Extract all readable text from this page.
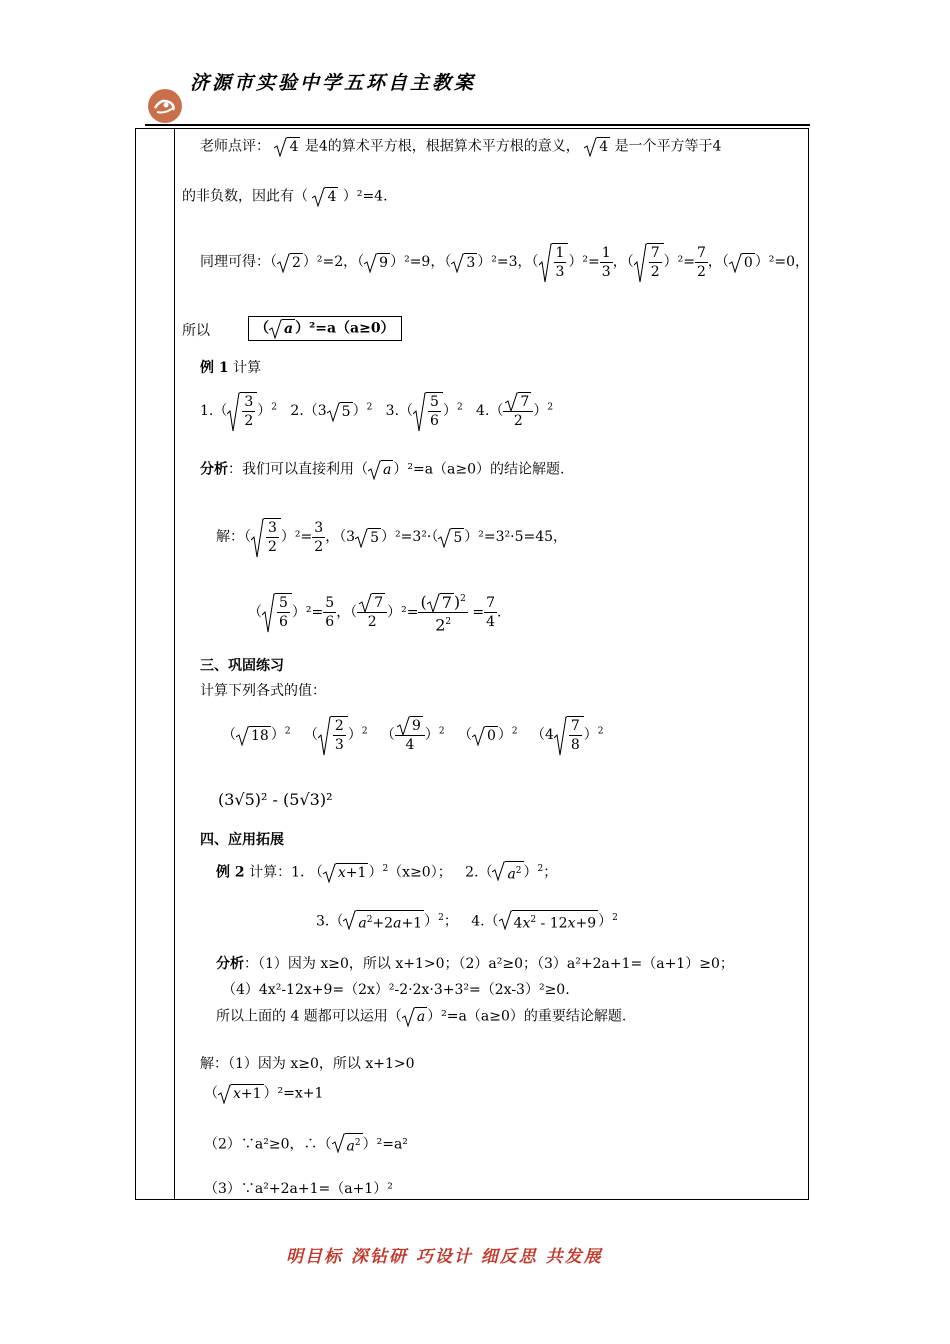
济源市实验中学五环自主教案
老师点评： 4 是4的算术平方根，根据算术平方根的意义， 4 是一个平方等于4
的非负数，因此有（ 4 ）²=4.
同理可得：（ 2 ）²=2，（ 9 ）²=9，（ 3 ）²=3，（ $\frac{1}{3} )^2= \frac{1}{3}$ ，（ $\frac{7}{2} )^2= \frac{7}{2}$ ，（ 0 ）²=0，
所以	（ a ）²=a（a≥0）
例 1 计算
$1.( \frac{3}{2} )^2$ 2.（3 5 ）$^2$ $3.( \frac{5}{6} )^2$ $4.( \frac{7}{2} )^2$
分析：我们可以直接利用（ a ）²=a（a≥0）的结论解题.
解：（ $\frac{3}{2} )^2= \frac{3}{2}$ ，（3 5 ）²=3²·（ 5 ）²=3²·5=45，
（ $\frac{5}{6} )^2= \frac{5}{6}$ ，（ $\frac{7}{2} )^2= \frac{( 7 )^2}{2^2} = \frac{7}{4}$ .
三、巩固练习
计算下列各式的值：
（ 18 ）$^2$   （ $\frac{2}{3} )^2$   （ $\frac{9}{4} )^2$   （ 0 ）$^2$   $(4 \frac{7}{8} )^2$
(3√5)² - (5√3)²
四、应用拓展
例 2 计算：1. （ x+1 ）$^2$（x≥0）； 2.（ $a^2$ ）$^2$；
3.（ $a^2+2a+1$ ）$^2$；   4.（ $4x^2 - 12x+9$ ）$^2$
分析：（1）因为 x≥0，所以 x+1>0；（2）a²≥0；（3）a²+2a+1=（a+1）≥0；
（4）4x²-12x+9=（2x）²-2·2x·3+3²=（2x-3）²≥0.
所以上面的 4 题都可以运用（ a ）²=a（a≥0）的重要结论解题.
解：（1）因为 x≥0，所以 x+1>0
（ x+1 ）²=x+1
（2）∵a²≥0，∴（ $a^2$ ）²=a²
（3）∵a²+2a+1=（a+1）²
明目标 深钻研 巧设计 细反思 共发展
